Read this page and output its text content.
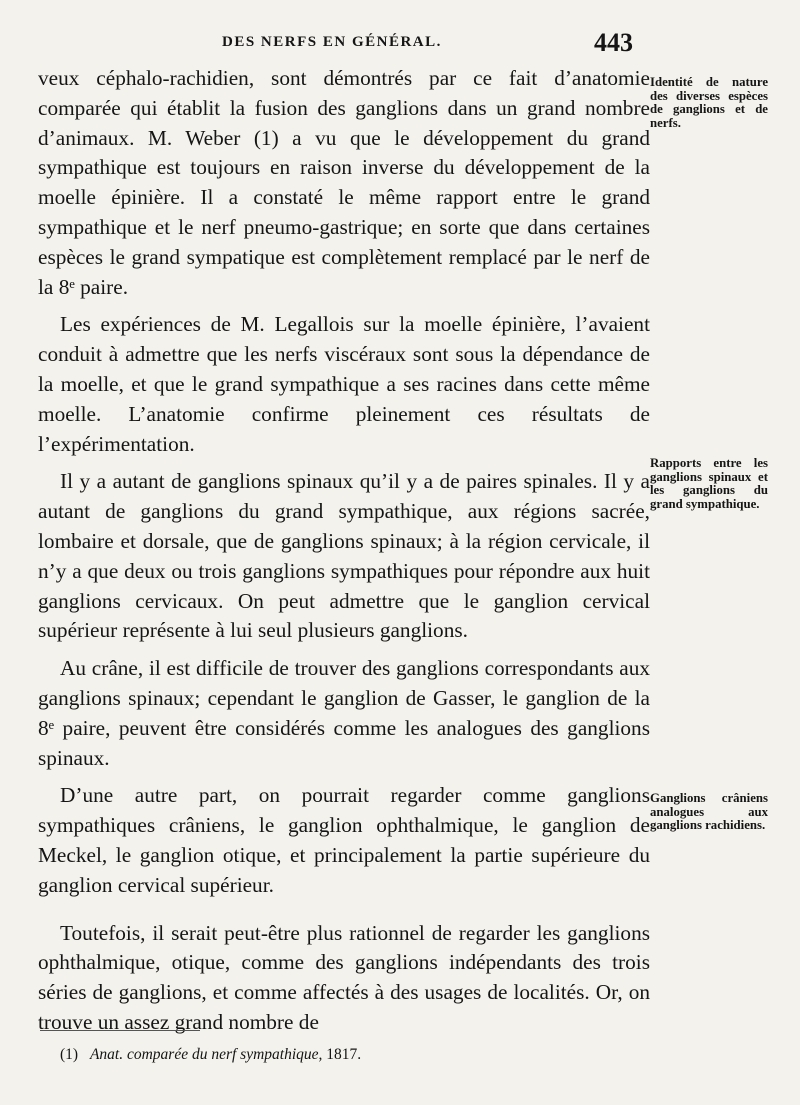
DES NERFS EN GÉNÉRAL.	443

veux céphalo-rachidien, sont démontrés par ce fait d’anatomie comparée qui établit la fusion des ganglions dans un grand nombre d’animaux. M. Weber (1) a vu que le développement du grand sympathique est toujours en raison inverse du développement de la moelle épinière. Il a constaté le même rapport entre le grand sympathique et le nerf pneumo-gastrique; en sorte que dans certaines espèces le grand sympatique est complètement remplacé par le nerf de la 8ᵉ paire.

Les expériences de M. Legallois sur la moelle épinière, l’avaient conduit à admettre que les nerfs viscéraux sont sous la dépendance de la moelle, et que le grand sympathique a ses racines dans cette même moelle. L’anatomie confirme pleinement ces résultats de l’expérimentation.

Il y a autant de ganglions spinaux qu’il y a de paires spinales. Il y a autant de ganglions du grand sympathique, aux régions sacrée, lombaire et dorsale, que de ganglions spinaux; à la région cervicale, il n’y a que deux ou trois ganglions sympathiques pour répondre aux huit ganglions cervicaux. On peut admettre que le ganglion cervical supérieur représente à lui seul plusieurs ganglions.

Au crâne, il est difficile de trouver des ganglions correspondants aux ganglions spinaux; cependant le ganglion de Gasser, le ganglion de la 8ᵉ paire, peuvent être considérés comme les analogues des ganglions spinaux.

D’une autre part, on pourrait regarder comme ganglions sympathiques crâniens, le ganglion ophthalmique, le ganglion de Meckel, le ganglion otique, et principalement la partie supérieure du ganglion cervical supérieur.

Toutefois, il serait peut-être plus rationnel de regarder les ganglions ophthalmique, otique, comme des ganglions indépendants des trois séries de ganglions, et comme affectés à des usages de localités. Or, on trouve un assez grand nombre de

Identité de nature des diverses espèces de ganglions et de nerfs.
Rapports entre les ganglions spinaux et les ganglions du grand sympathique.
Ganglions crâniens analogues aux ganglions rachidiens.
(1) Anat. comparée du nerf sympathique, 1817.
